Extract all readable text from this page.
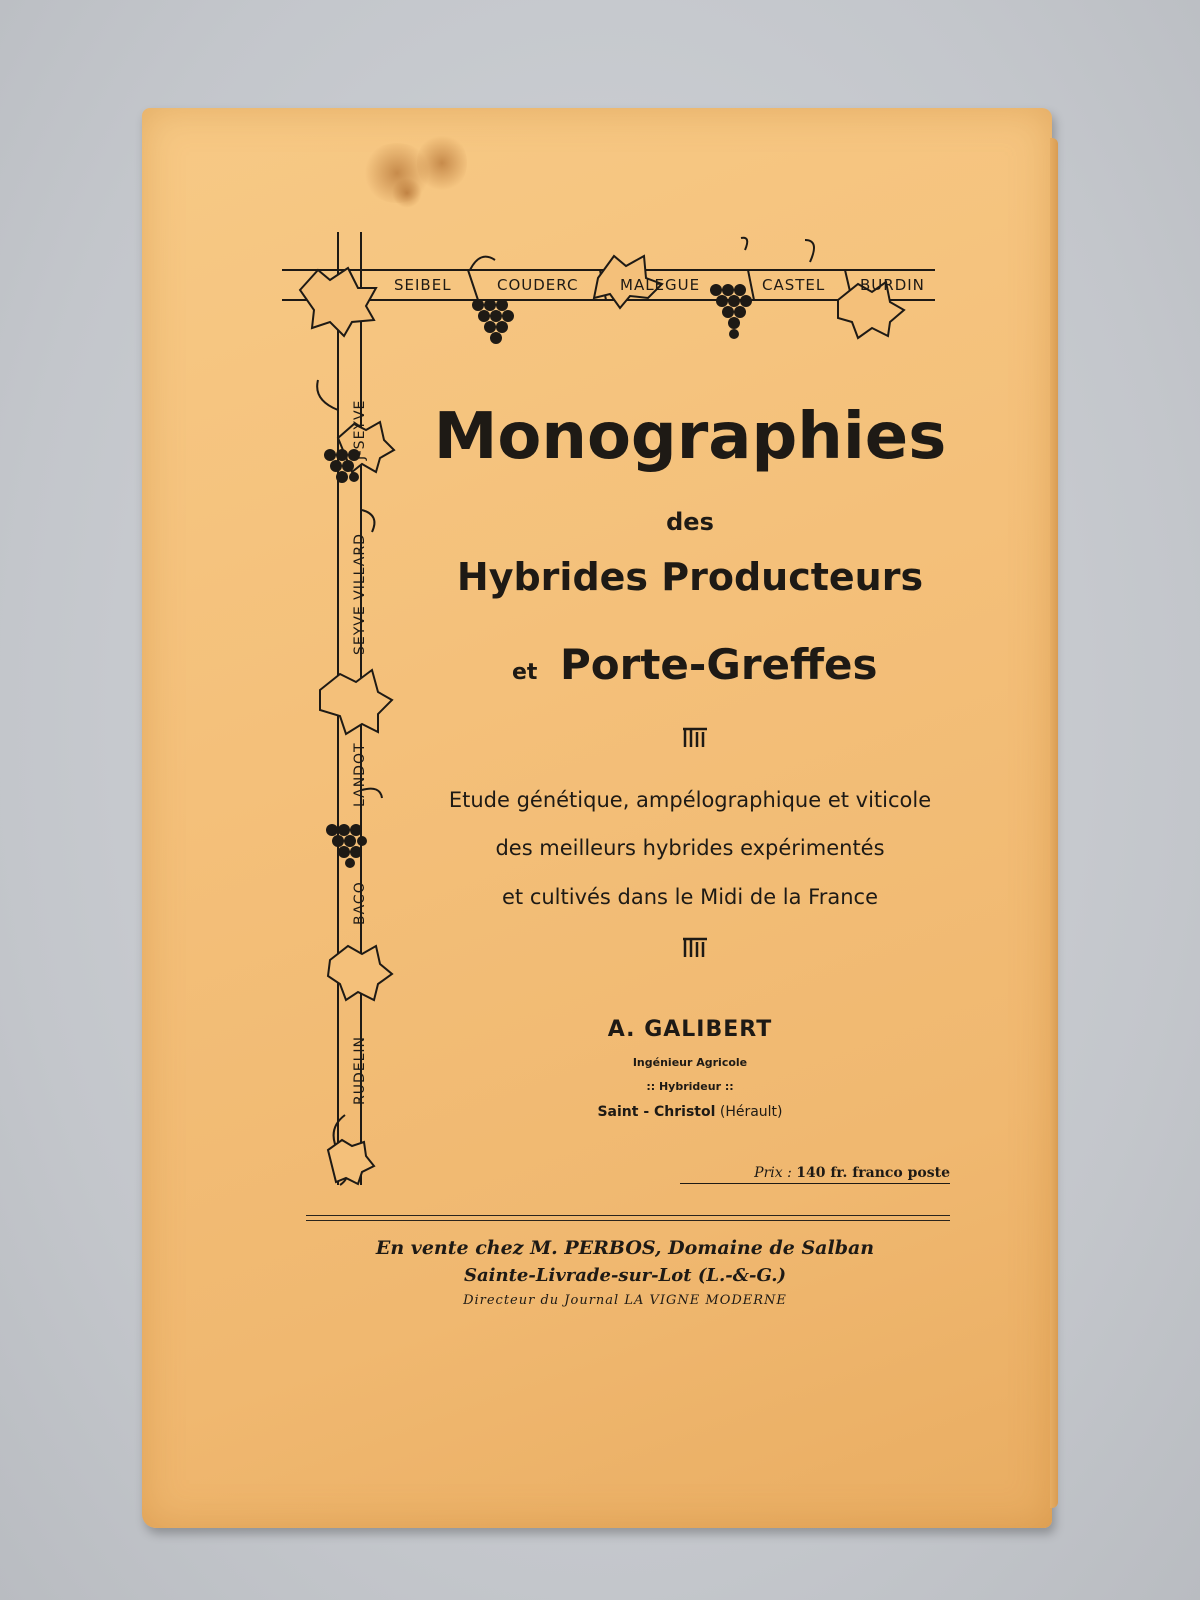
SEIBEL	COUDERC	MALEGUE	CASTEL BURDIN
RUDELIN
BACO
LANDOT
SEYVE VILLARD
J-SEYVE Monographies
des
Hybrides Producteurs
et Porte-Greffes
Etude génétique, ampélographique et viticole
des meilleurs hybrides expérimentés
et cultivés dans le Midi de la France
A. GALIBERT
Ingénieur Agricole
:: Hybrideur ::
Saint - Christol (Hérault)
Prix : 140 fr. franco poste
En vente chez M. PERBOS, Domaine de Salban
Sainte-Livrade-sur-Lot (L.-&-G.)
Directeur du Journal LA VIGNE MODERNE
